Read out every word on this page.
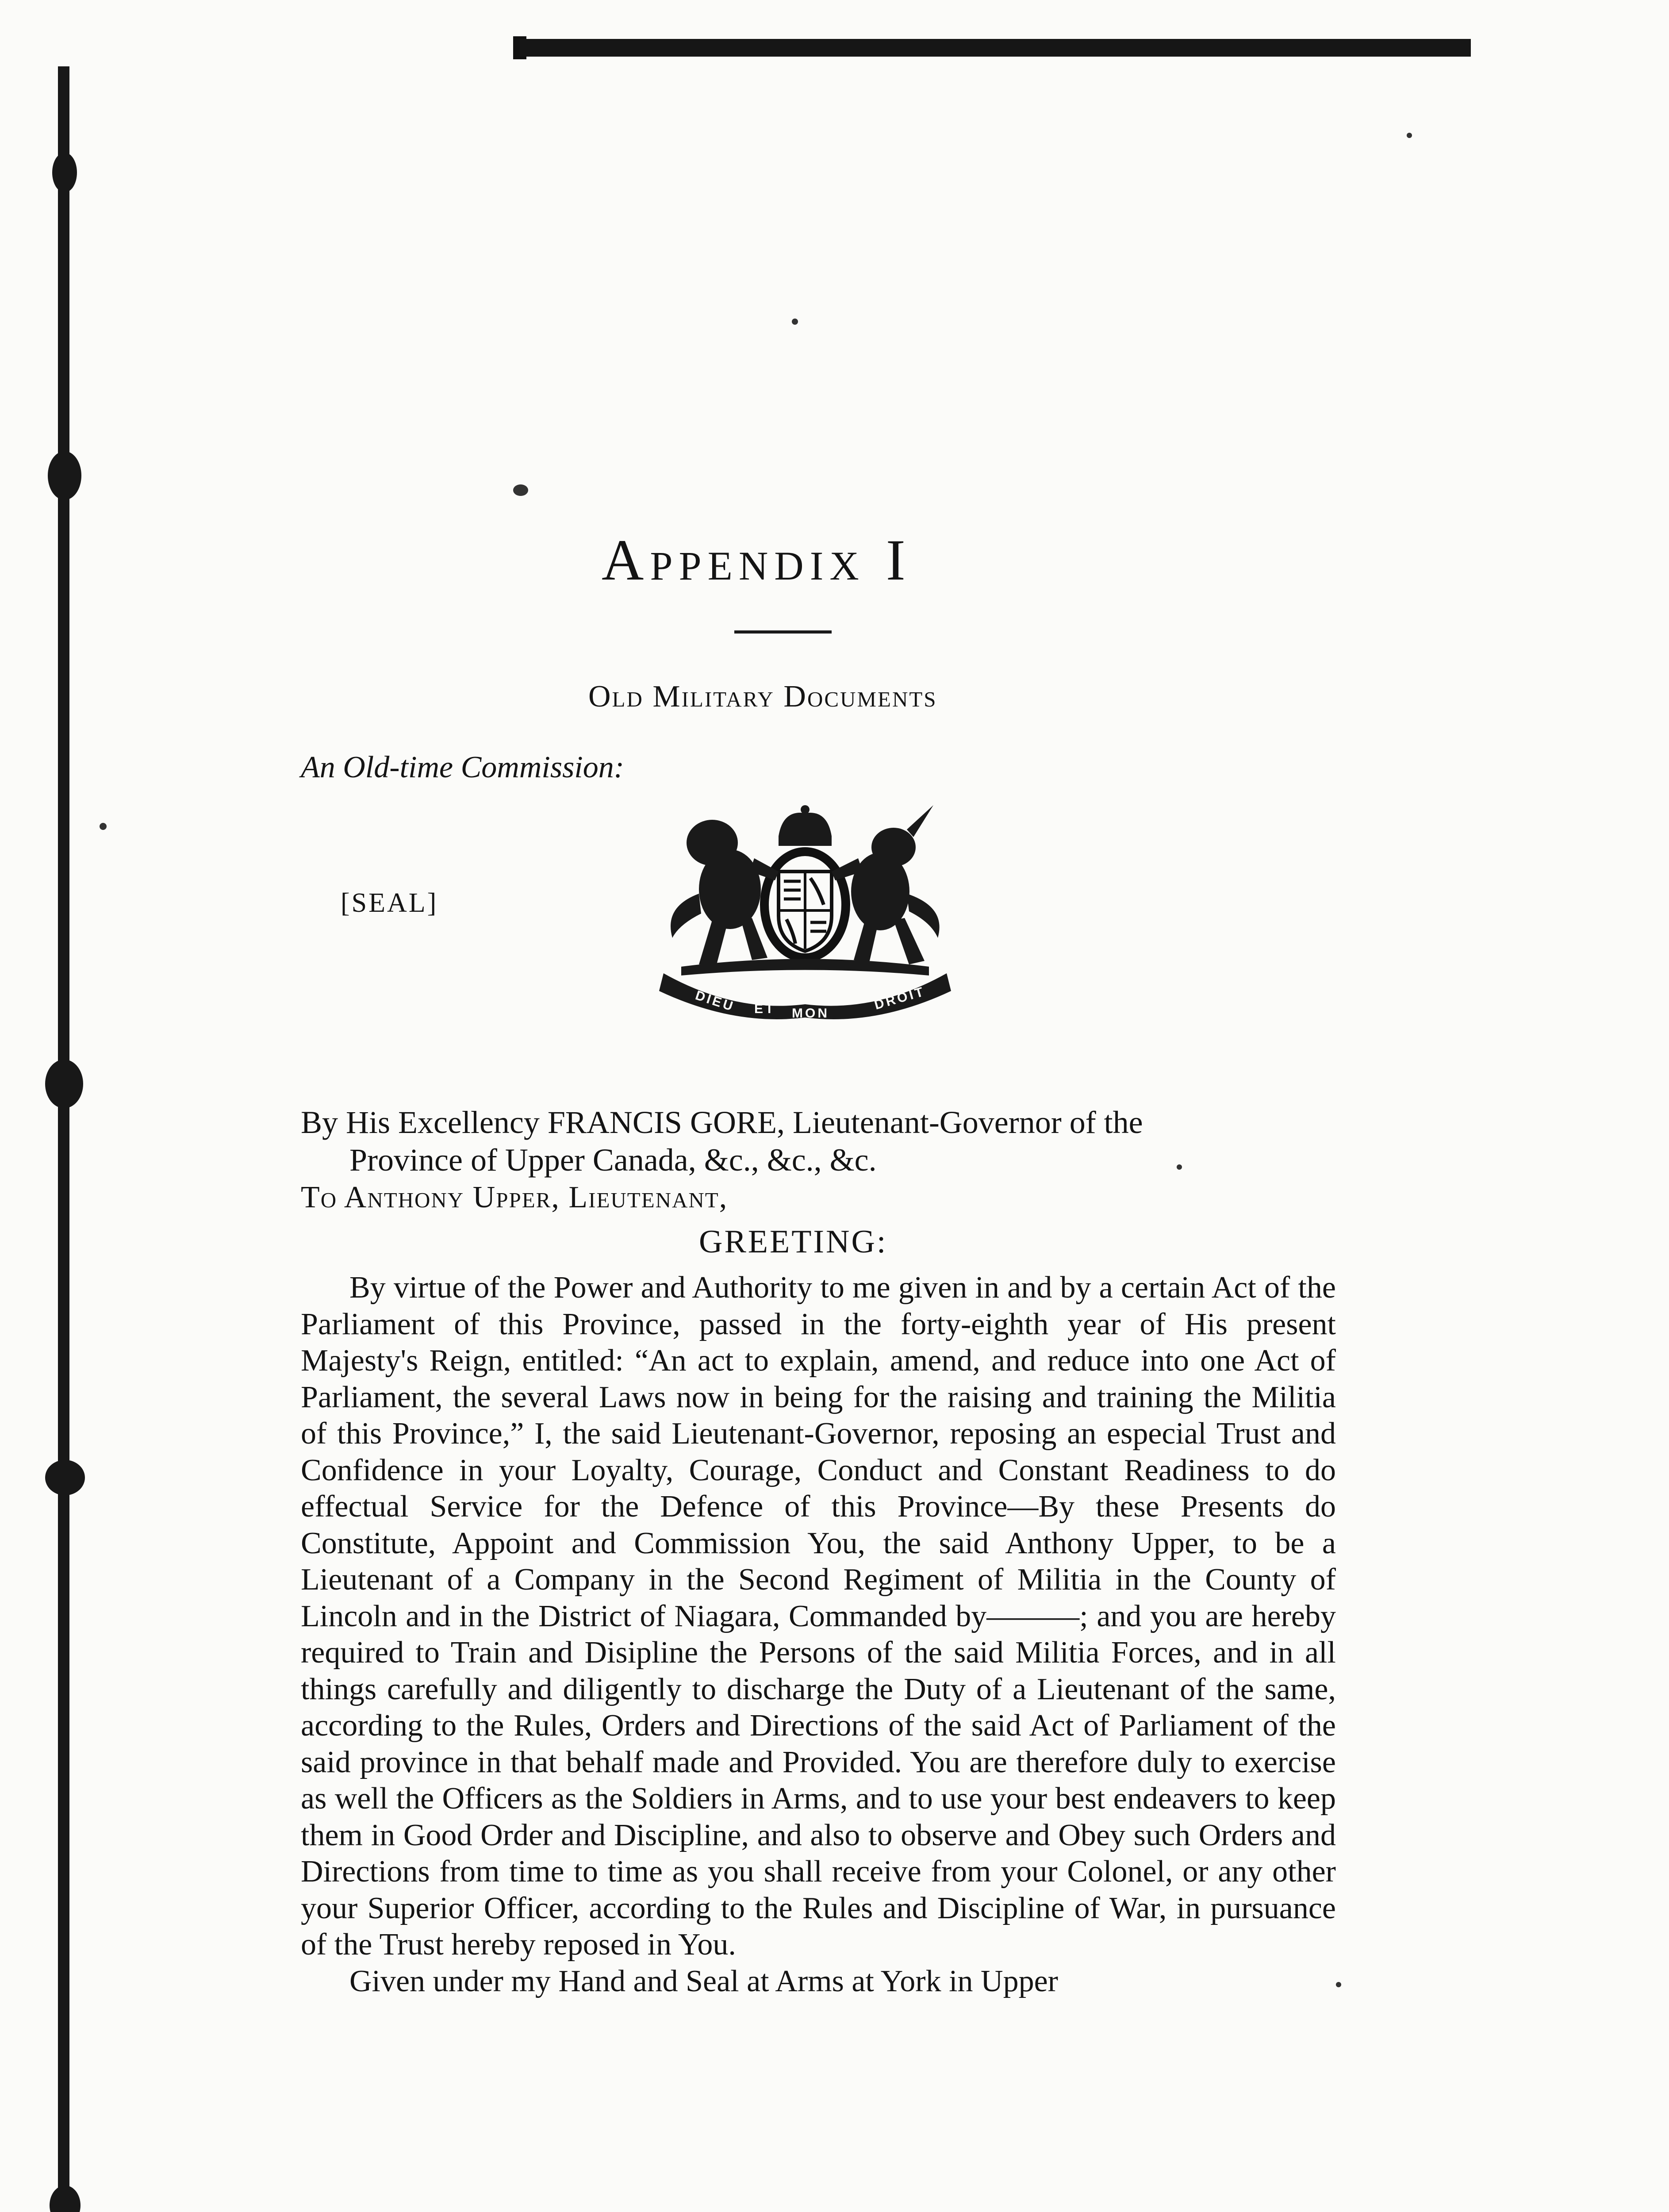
Appendix I
Old Military Documents
An Old-time Commission:
[SEAL]
DIEU ET MON
DROIT
By His Excellency FRANCIS GORE, Lieutenant-Governor of the
Province of Upper Canada, &c., &c., &c.
To Anthony Upper, Lieutenant,
GREETING:

By virtue of the Power and Authority to me given in and by a certain Act of the Parliament of this Province, passed in the forty-eighth year of His present Majesty's Reign, entitled: “An act to explain, amend, and reduce into one Act of Parliament, the several Laws now in being for the raising and training the Militia of this Province,” I, the said Lieutenant-Governor, reposing an especial Trust and Confidence in your Loyalty, Courage, Conduct and Constant Readiness to do effectual Service for the Defence of this Province—By these Presents do Constitute, Appoint and Commission You, the said Anthony Upper, to be a Lieutenant of a Company in the Second Regiment of Militia in the County of Lincoln and in the District of Niagara, Commanded by———; and you are hereby required to Train and Disipline the Persons of the said Militia Forces, and in all things carefully and diligently to discharge the Duty of a Lieutenant of the same, according to the Rules, Orders and Directions of the said Act of Parliament of the said province in that behalf made and Provided. You are therefore duly to exercise as well the Officers as the Soldiers in Arms, and to use your best endeavers to keep them in Good Order and Discipline, and also to observe and Obey such Orders and Directions from time to time as you shall receive from your Colonel, or any other your Superior Officer, according to the Rules and Discipline of War, in pursuance of the Trust hereby reposed in You.

Given under my Hand and Seal at Arms at York in Upper
